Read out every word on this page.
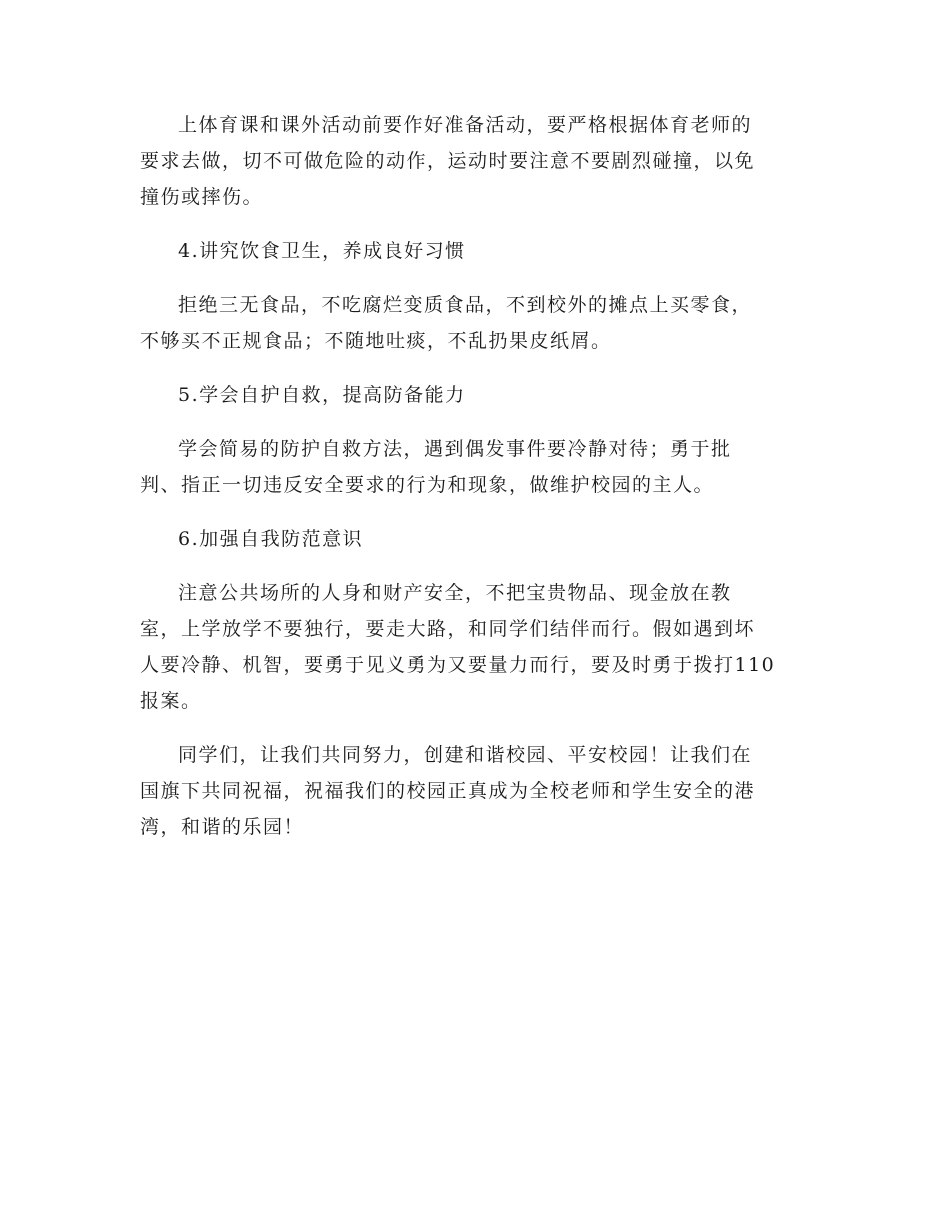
上体育课和课外活动前要作好准备活动，要严格根据体育老师的
要求去做，切不可做危险的动作，运动时要注意不要剧烈碰撞，以免
撞伤或摔伤。

4.讲究饮食卫生，养成良好习惯

拒绝三无食品，不吃腐烂变质食品，不到校外的摊点上买零食，
不够买不正规食品；不随地吐痰，不乱扔果皮纸屑。

5.学会自护自救，提高防备能力

学会简易的防护自救方法，遇到偶发事件要冷静对待；勇于批
判、指正一切违反安全要求的行为和现象，做维护校园的主人。

6.加强自我防范意识

注意公共场所的人身和财产安全，不把宝贵物品、现金放在教
室，上学放学不要独行，要走大路，和同学们结伴而行。假如遇到坏
人要冷静、机智，要勇于见义勇为又要量力而行，要及时勇于拨打110
报案。

同学们，让我们共同努力，创建和谐校园、平安校园！让我们在
国旗下共同祝福，祝福我们的校园正真成为全校老师和学生安全的港
湾，和谐的乐园！
